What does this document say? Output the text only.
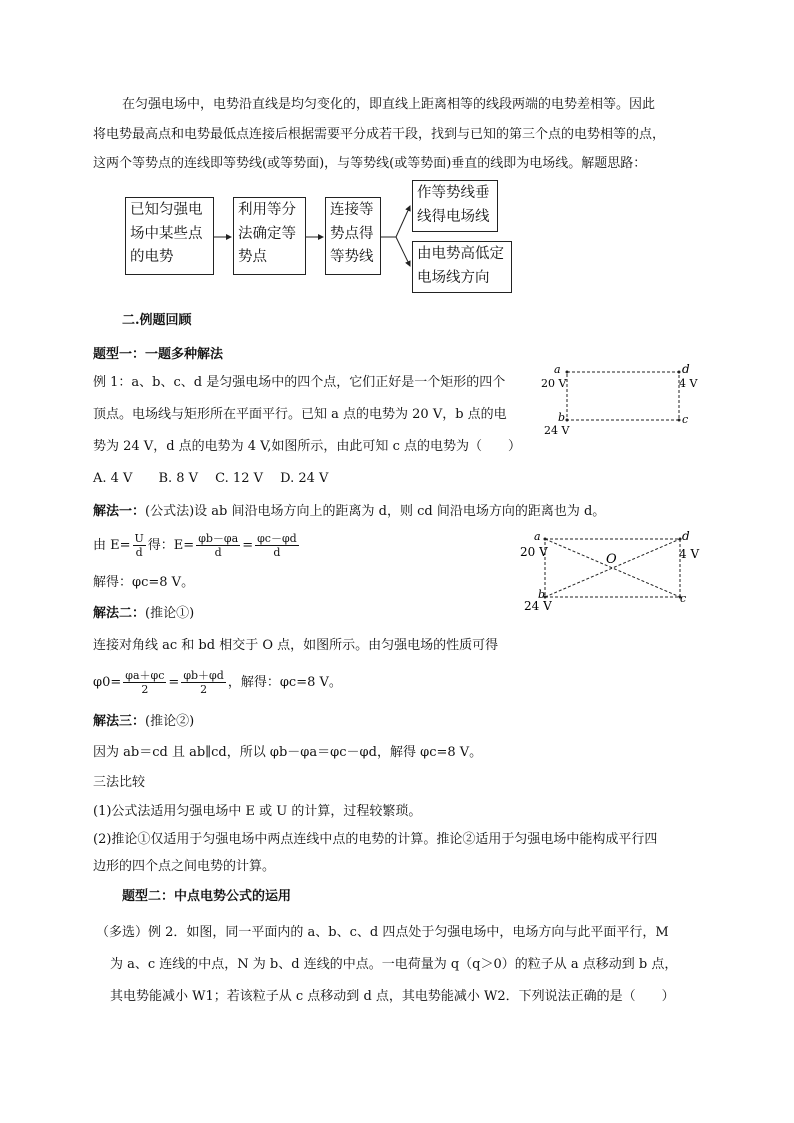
在匀强电场中，电势沿直线是均匀变化的，即直线上距离相等的线段两端的电势差相等。因此
将电势最高点和电势最低点连接后根据需要平分成若干段，找到与已知的第三个点的电势相等的点，
这两个等势点的连线即等势线(或等势面)，与等势线(或等势面)垂直的线即为电场线。解题思路：
已知匀强电
场中某些点
的电势
利用等分
法确定等
势点
连接等
势点得
等势线
作等势线垂
线得电场线
由电势高低定
电场线方向
二.例题回顾
题型一：一题多种解法
例 1：a、b、c、d 是匀强电场中的四个点，它们正好是一个矩形的四个
顶点。电场线与矩形所在平面平行。已知 a 点的电势为 20 V，b 点的电
势为 24 V，d 点的电势为 4 V,如图所示，由此可知 c 点的电势为（　　）
A. 4 V　　B. 8 V　 C. 12 V　 D. 24 V
a
20 V
d
4 V
b
24 V
c
解法一：(公式法)设 ab 间沿电场方向上的距离为 d，则 cd 间沿电场方向的距离也为 d。
由 $E= \frac{U}{d}$ 得：$E= \frac{\varphi b-\varphi a}{d} = \frac{\varphi c-\varphi d}{d}$
解得：φc=8 V。
a
20 V
d
4 V
O
b
24 V
c
解法二：(推论①)
连接对角线 ac 和 bd 相交于 O 点，如图所示。由匀强电场的性质可得
$\varphi 0= \frac{\varphi a+\varphi c}{2} = \frac{\varphi b+\varphi d}{2}$ ，解得：φc=8 V。
解法三：(推论②)
因为 ab＝cd 且 ab∥cd，所以 φb－φa＝φc－φd，解得 φc=8 V。
三法比较
(1)公式法适用匀强电场中 E 或 U 的计算，过程较繁琐。
(2)推论①仅适用于匀强电场中两点连线中点的电势的计算。推论②适用于匀强电场中能构成平行四
边形的四个点之间电势的计算。
题型二：中点电势公式的运用
（多选）例 2．如图，同一平面内的 a、b、c、d 四点处于匀强电场中，电场方向与此平面平行，M
为 a、c 连线的中点，N 为 b、d 连线的中点。一电荷量为 q（q＞0）的粒子从 a 点移动到 b 点，
其电势能减小 W1；若该粒子从 c 点移动到 d 点，其电势能减小 W2．下列说法正确的是（　　）
